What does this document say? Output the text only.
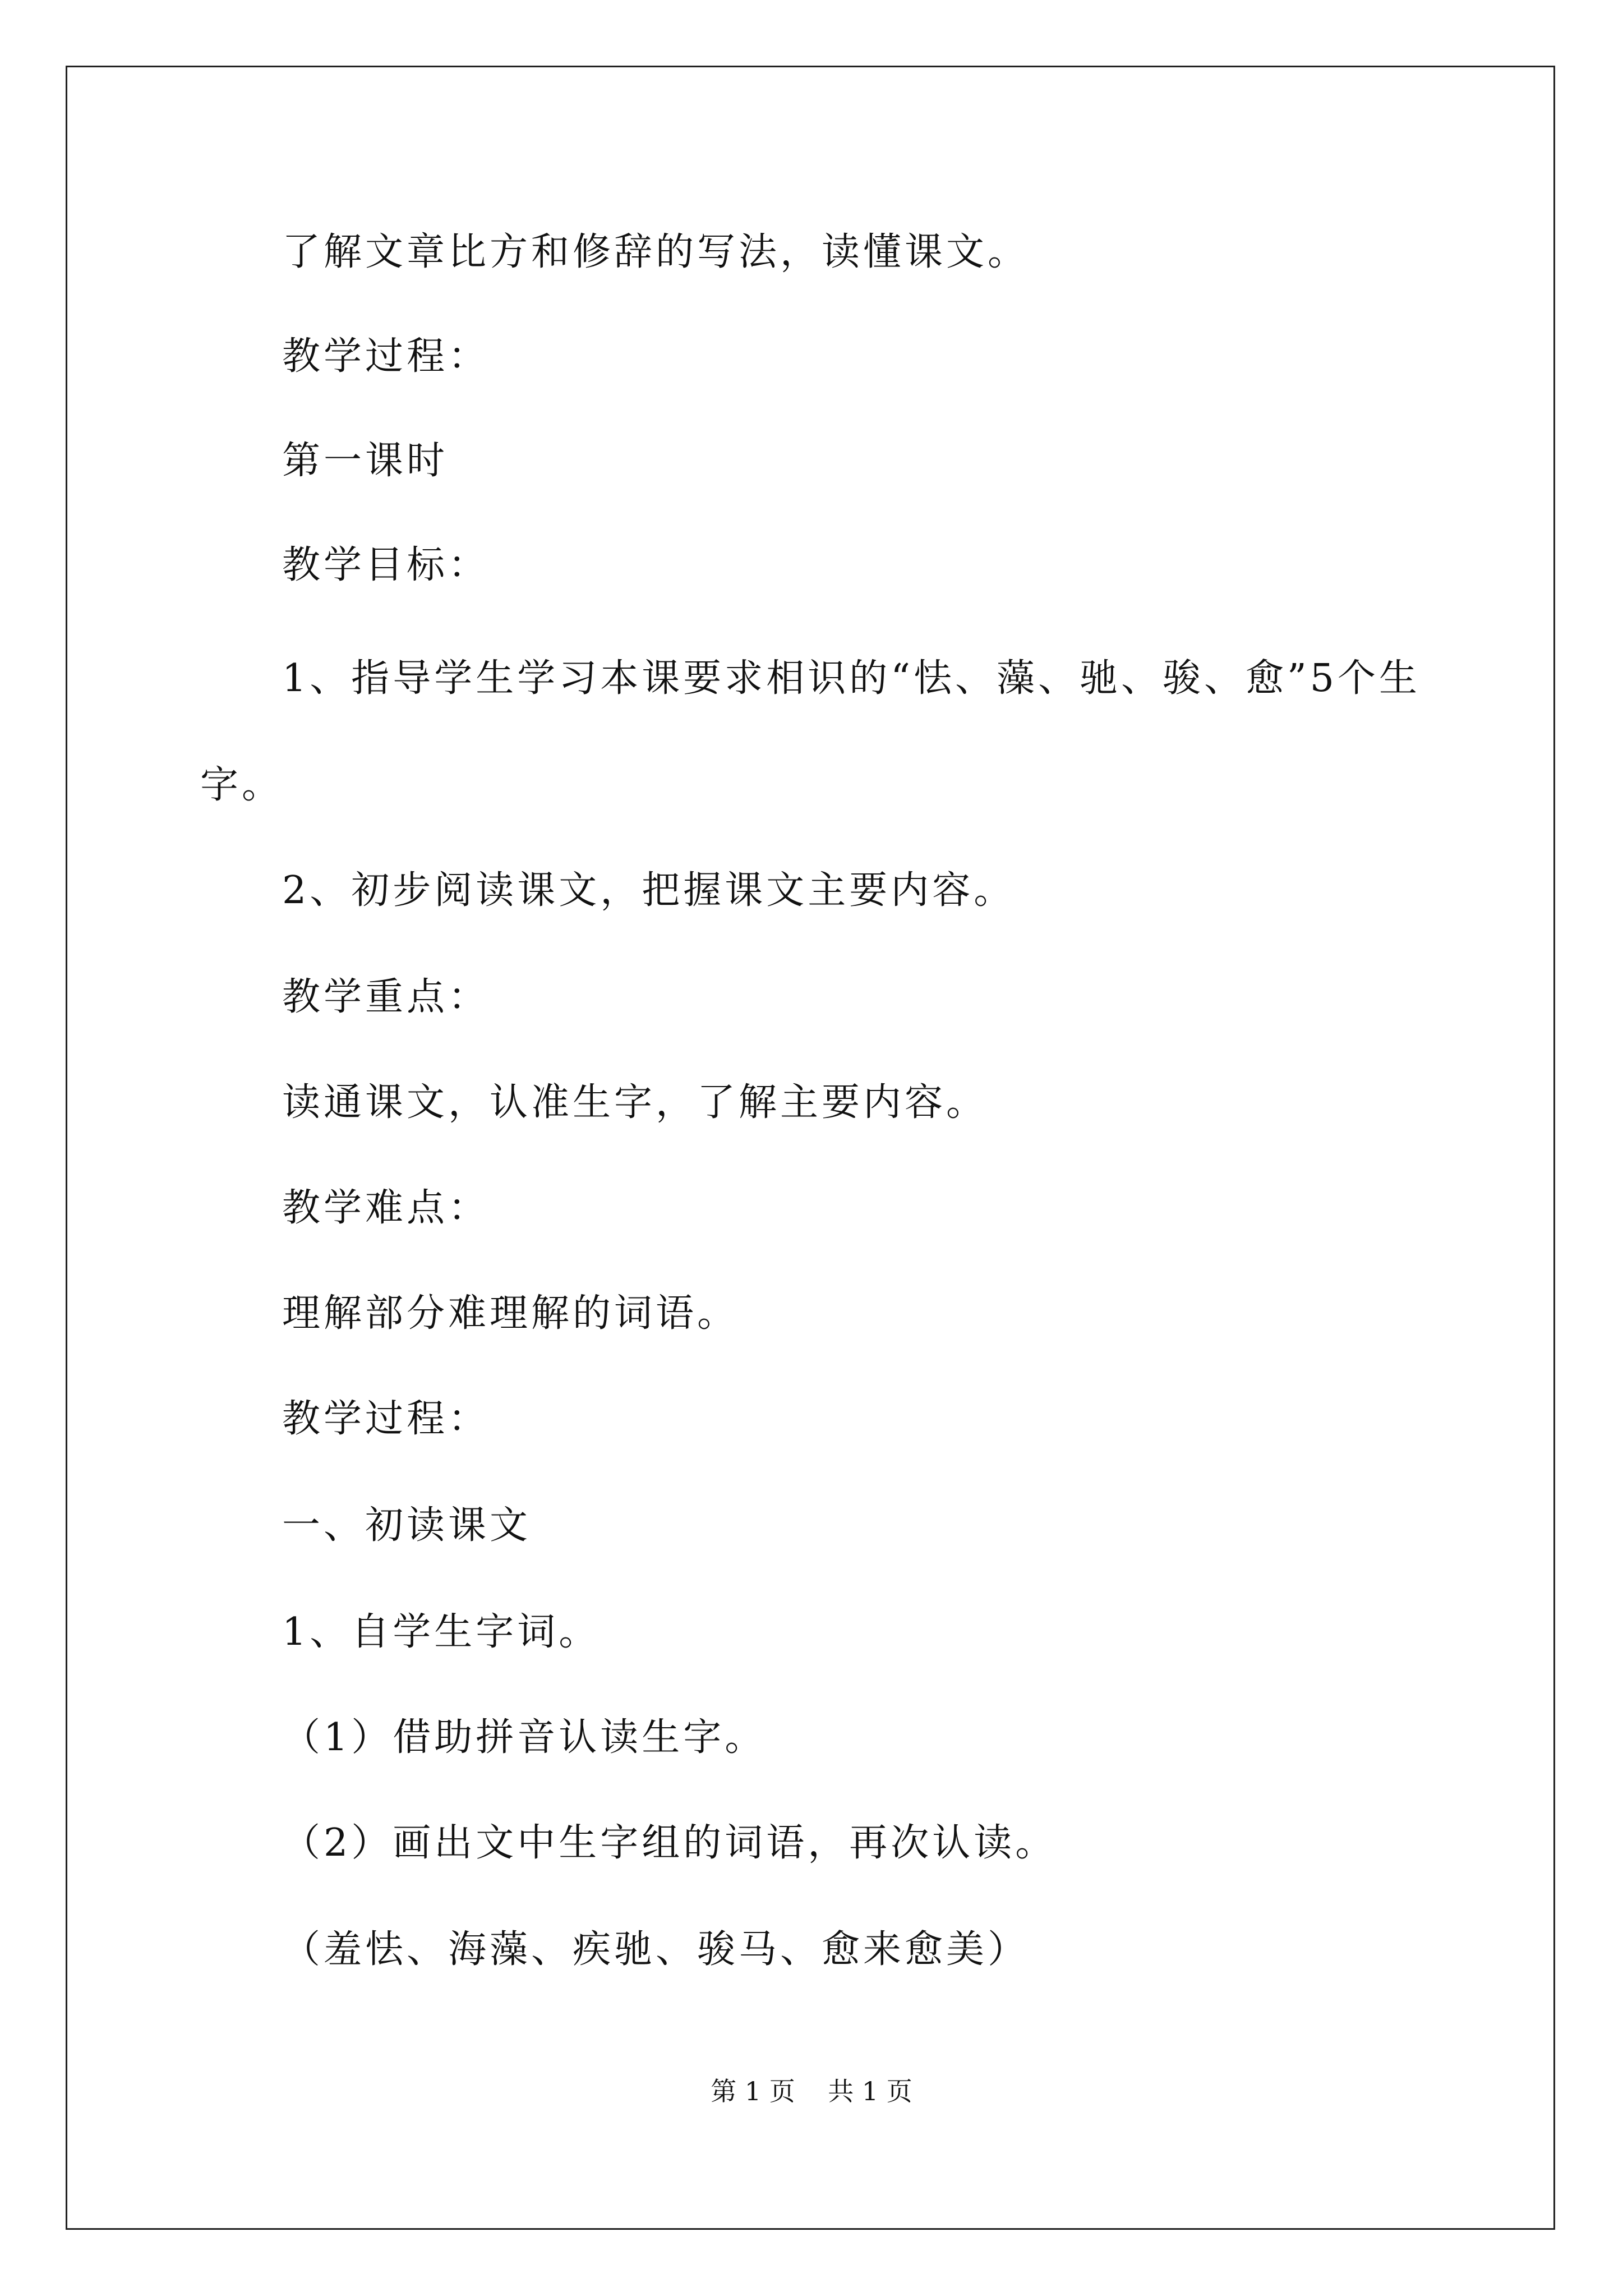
了解文章比方和修辞的写法，读懂课文。
教学过程：
第一课时
教学目标：
1、指导学生学习本课要求相识的“怯、藻、驰、骏、愈”5个生
字。
2、初步阅读课文，把握课文主要内容。
教学重点：
读通课文，认准生字，了解主要内容。
教学难点：
理解部分难理解的词语。
教学过程：
一、初读课文
1、自学生字词。
（1）借助拼音认读生字。
（2）画出文中生字组的词语，再次认读。
（羞怯、海藻、疾驰、骏马、愈来愈美）
第 1 页    共 1 页
